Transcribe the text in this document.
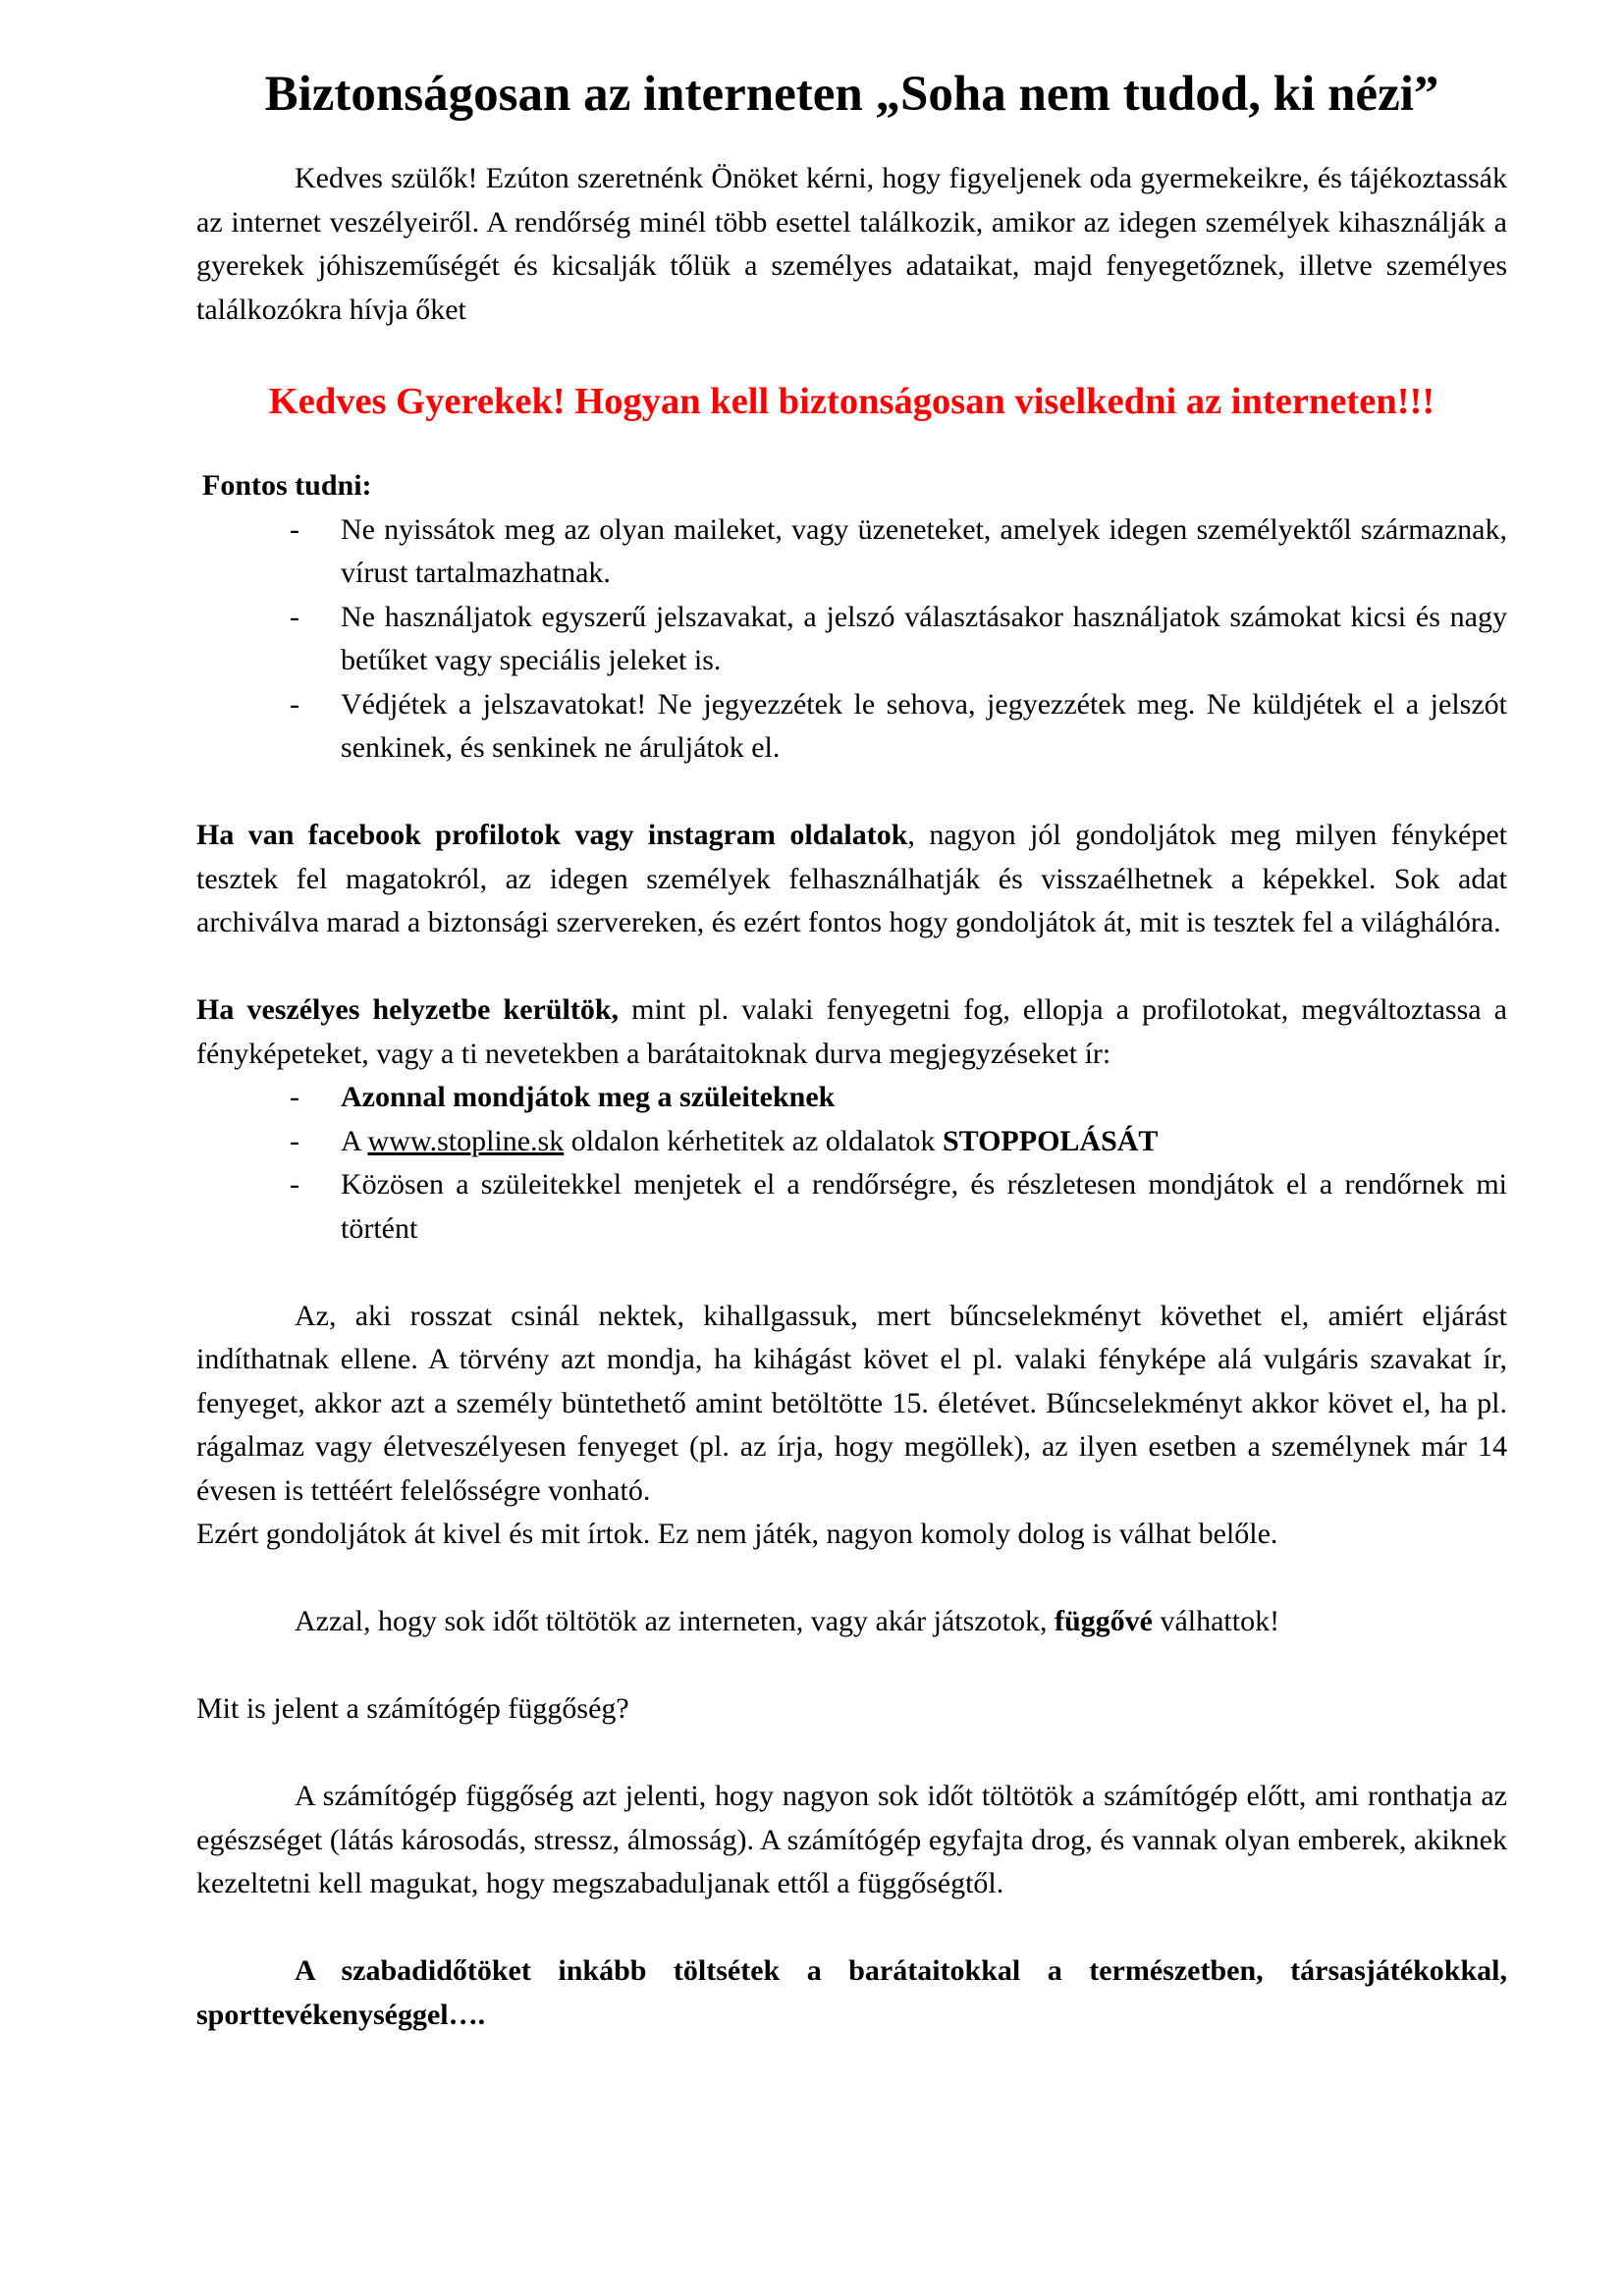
Biztonságosan az interneten „Soha nem tudod, ki nézi”

Kedves szülők! Ezúton szeretnénk Önöket kérni, hogy figyeljenek oda gyermekeikre, és tájékoztassák az internet veszélyeiről. A rendőrség minél több esettel találkozik, amikor az idegen személyek kihasználják a gyerekek jóhiszeműségét és kicsalják tőlük a személyes adataikat, majd fenyegetőznek, illetve személyes találkozókra hívja őket

Kedves Gyerekek! Hogyan kell biztonságosan viselkedni az interneten!!!

Fontos tudni:

- Ne nyissátok meg az olyan maileket, vagy üzeneteket, amelyek idegen személyektől származnak, vírust tartalmazhatnak.
- Ne használjatok egyszerű jelszavakat, a jelszó választásakor használjatok számokat kicsi és nagy betűket vagy speciális jeleket is.
- Védjétek a jelszavatokat! Ne jegyezzétek le sehova, jegyezzétek meg. Ne küldjétek el a jelszót senkinek, és senkinek ne áruljátok el.

Ha van facebook profilotok vagy instagram oldalatok, nagyon jól gondoljátok meg milyen fényképet tesztek fel magatokról, az idegen személyek felhasználhatják és visszaélhetnek a képekkel. Sok adat archiválva marad a biztonsági szervereken, és ezért fontos hogy gondoljátok át, mit is tesztek fel a világhálóra.

Ha veszélyes helyzetbe kerültök, mint pl. valaki fenyegetni fog, ellopja a profilotokat, megváltoztassa a fényképeteket, vagy a ti nevetekben a barátaitoknak durva megjegyzéseket ír:

- Azonnal mondjátok meg a szüleiteknek
- A www.stopline.sk oldalon kérhetitek az oldalatok STOPPOLÁSÁT
- Közösen a szüleitekkel menjetek el a rendőrségre, és részletesen mondjátok el a rendőrnek mi történt

Az, aki rosszat csinál nektek, kihallgassuk, mert bűncselekményt követhet el, amiért eljárást indíthatnak ellene. A törvény azt mondja, ha kihágást követ el pl. valaki fényképe alá vulgáris szavakat ír, fenyeget, akkor azt a személy büntethető amint betöltötte 15. életévet. Bűncselekményt akkor követ el, ha pl. rágalmaz vagy életveszélyesen fenyeget (pl. az írja, hogy megöllek), az ilyen esetben a személynek már 14 évesen is tettéért felelősségre vonható.

Ezért gondoljátok át kivel és mit írtok. Ez nem játék, nagyon komoly dolog is válhat belőle.

Azzal, hogy sok időt töltötök az interneten, vagy akár játszotok, függővé válhattok!

Mit is jelent a számítógép függőség?

A számítógép függőség azt jelenti, hogy nagyon sok időt töltötök a számítógép előtt, ami ronthatja az egészséget (látás károsodás, stressz, álmosság). A számítógép egyfajta drog, és vannak olyan emberek, akiknek kezeltetni kell magukat, hogy megszabaduljanak ettől a függőségtől.

A szabadidőtöket inkább töltsétek a barátaitokkal a természetben, társasjátékokkal, sporttevékenységgel….
